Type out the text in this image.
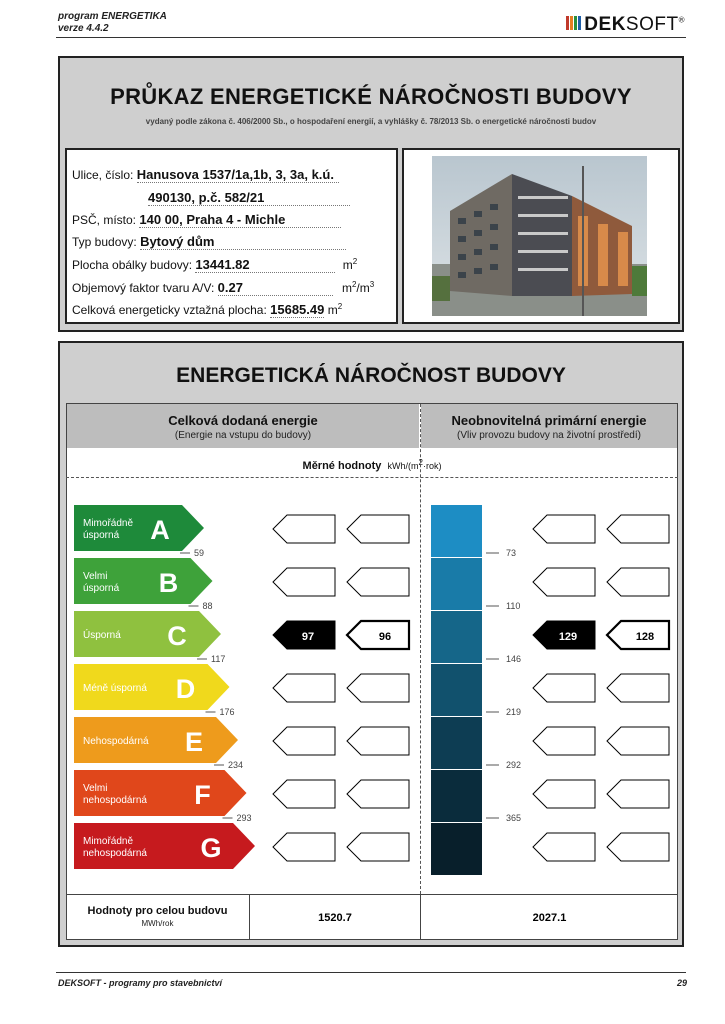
program ENERGETIKA
verze 4.4.2	DEKSOFT®
PRŮKAZ ENERGETICKÉ NÁROČNOSTI BUDOVY
vydaný podle zákona č. 406/2000 Sb., o hospodaření energií, a vyhlášky č. 78/2013 Sb. o energetické náročnosti budov
Ulice, číslo: Hanusova 1537/1a,1b, 3, 3a, k.ú.
490130, p.č. 582/21
PSČ, místo: 140 00, Praha 4 - Michle
Typ budovy: Bytový dům
Plocha obálky budovy: 13441.82	$m^2$
Objemový faktor tvaru A/V: 0.27	$m^2/m^3$
Celková energeticky vztažná plocha: 15685.49 $m^2$
ENERGETICKÁ NÁROČNOST BUDOVY
Celková dodaná energie
(Energie na vstupu do budovy)
Neobnovitelná primární energie
(Vliv provozu budovy na životní prostředí)
Měrné hodnoty kWh/(m2·rok)
Mimořádně
úsporná A
59	73
Velmi
úsporná B
88	110
Úsporná C	97	96	129	128
117	146
Méně úsporná D
176	219
Nehospodárná E
234	292
Velmi
nehospodárná F
293	365
Mimořádně
nehospodárná G
Hodnoty pro celou budovu
MWh/rok	1520.7	2027.1
DEKSOFT - programy pro stavebnictví	29
